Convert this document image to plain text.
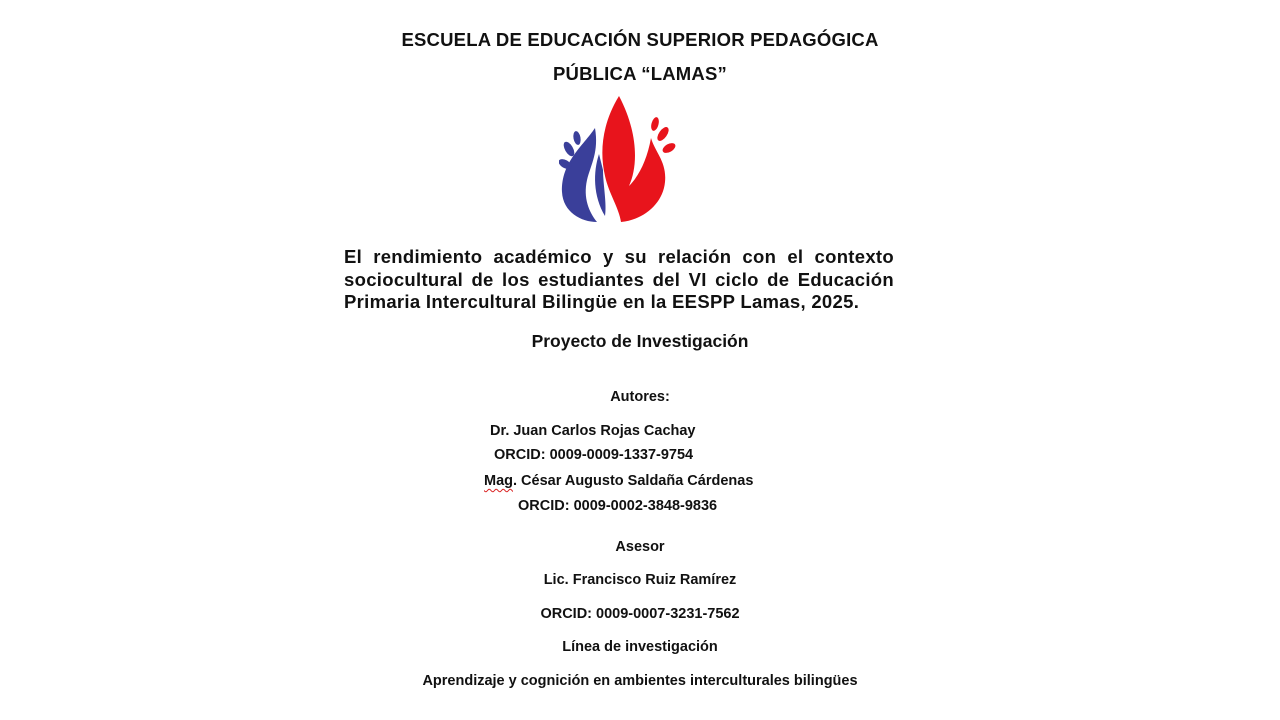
ESCUELA DE EDUCACIÓN SUPERIOR PEDAGÓGICA
PÚBLICA “LAMAS”
El rendimiento académico y su relación con el contexto
sociocultural de los estudiantes del VI ciclo de Educación
Primaria Intercultural Bilingüe en la EESPP Lamas, 2025.
Proyecto de Investigación
Autores:
Dr. Juan Carlos Rojas Cachay
ORCID: 0009-0009-1337-9754
Mag. César Augusto Saldaña Cárdenas
ORCID: 0009-0002-3848-9836
Asesor
Lic. Francisco Ruiz Ramírez
ORCID: 0009-0007-3231-7562
Línea de investigación
Aprendizaje y cognición en ambientes interculturales bilingües
